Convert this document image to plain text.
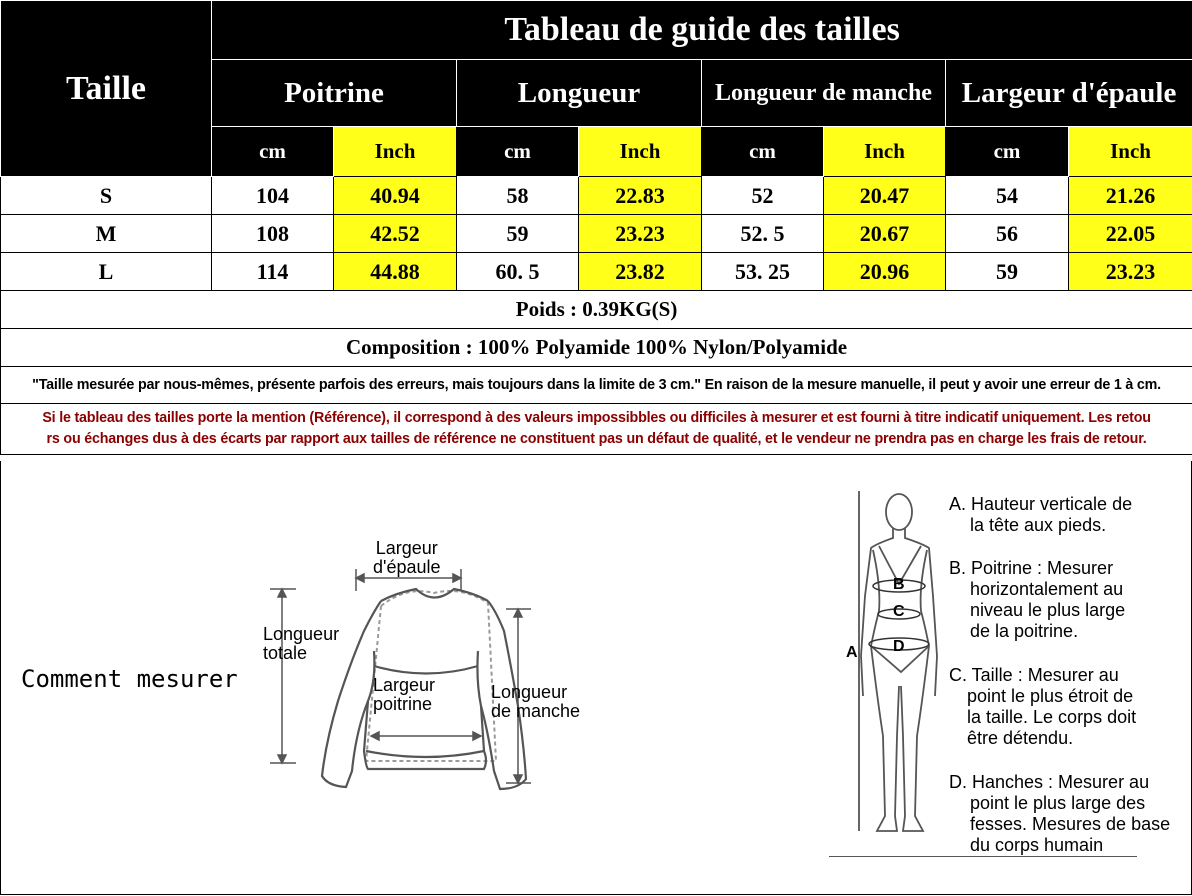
Taille	Tableau de guide des tailles							
	Poitrine		Longueur		Longueur de manche		Largeur d'épaule	
	cm	Inch	cm	Inch	cm	Inch	cm	Inch
S	104	40.94	58	22.83	52	20.47	54	21.26
M	108	42.52	59	23.23	52. 5	20.67	56	22.05
L	114	44.88	60. 5	23.82	53. 25	20.96	59	23.23
Poids : 0.39KG(S)								
Composition : 100% Polyamide 100% Nylon/Polyamide								
"Taille mesurée par nous-mêmes, présente parfois des erreurs, mais toujours dans la limite de 3 cm." En raison de la mesure manuelle, il peut y avoir une erreur de 1 à cm.								

Si le tableau des tailles porte la mention (Référence), il correspond à des valeurs impossibbles ou difficiles à mesurer et est fourni à titre indicatif uniquement. Les retou
rs ou échanges dus à des écarts par rapport aux tailles de référence ne constituent pas un défaut de qualité, et le vendeur ne prendra pas en charge les frais de retour.								
Comment mesurer
Largeur
d'épaule
Longueur
totale
Largeur
poitrine
Longueur
de manche
A
B
C
D
A. Hauteur verticale de
la tête aux pieds.
B. Poitrine : Mesurer
horizontalement au
niveau le plus large
de la poitrine.
C. Taille : Mesurer au
point le plus étroit de
la taille. Le corps doit
être détendu.
D. Hanches : Mesurer au
point le plus large des
fesses. Mesures de base
du corps humain
